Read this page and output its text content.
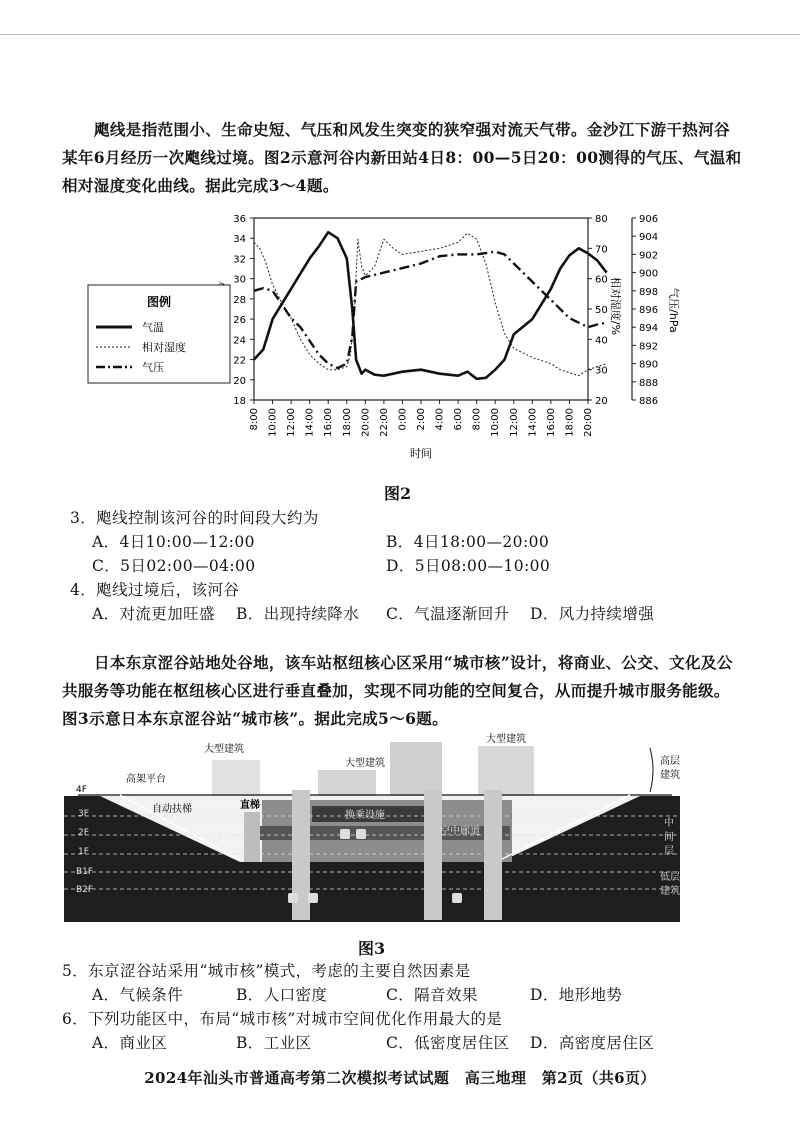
飑线是指范围小、生命史短、气压和风发生突变的狭窄强对流天气带。金沙江下游干热河谷某年6月经历一次飑线过境。图2示意河谷内新田站4日8：00—5日20：00测得的气压、气温和相对湿度变化曲线。据此完成3～4题。
8:00 10:00 12:00 14:00 16:00 18:00 20:00 22:00 0:00 2:00 4:00 6:00 8:00 10:00 12:00 14:00 16:00 18:00 20:00
18
20
22
24
26
28
30
32
34
36
20
30
40
50
60
70
80
886
888
890
892
894
896
898
900
902
904
906
时间
相对湿度/%	气压/hPa
图例
气温
相对湿度
气压
图2
3．飑线控制该河谷的时间段大约为
A．4日10:00—12:00	B．4日18:00—20:00
C．5日02:00—04:00	D．5日08:00—10:00
4．飑线过境后，该河谷
A．对流更加旺盛 B．出现持续降水 C．气温逐渐回升 D．风力持续增强
日本东京涩谷站地处谷地，该车站枢纽核心区采用“城市核”设计，将商业、公交、文化及公共服务等功能在枢纽核心区进行垂直叠加，实现不同功能的空间复合，从而提升城市服务能级。图3示意日本东京涩谷站“城市核”。据此完成5～6题。
大型建筑
大型建筑
大型建筑
高架平台
自动扶梯	直梯
换乘设施
空中廊道
4F
3F
2F
1F
B1F
B2F
高层
建筑
中
间
层
低层
建筑
图3
5．东京涩谷站采用“城市核”模式，考虑的主要自然因素是
A．气候条件	B．人口密度	C．隔音效果	D．地形地势
6．下列功能区中，布局“城市核”对城市空间优化作用最大的是
A．商业区	B．工业区	C．低密度居住区 D．高密度居住区
2024年汕头市普通高考第二次模拟考试试题　高三地理　第2页（共6页）
